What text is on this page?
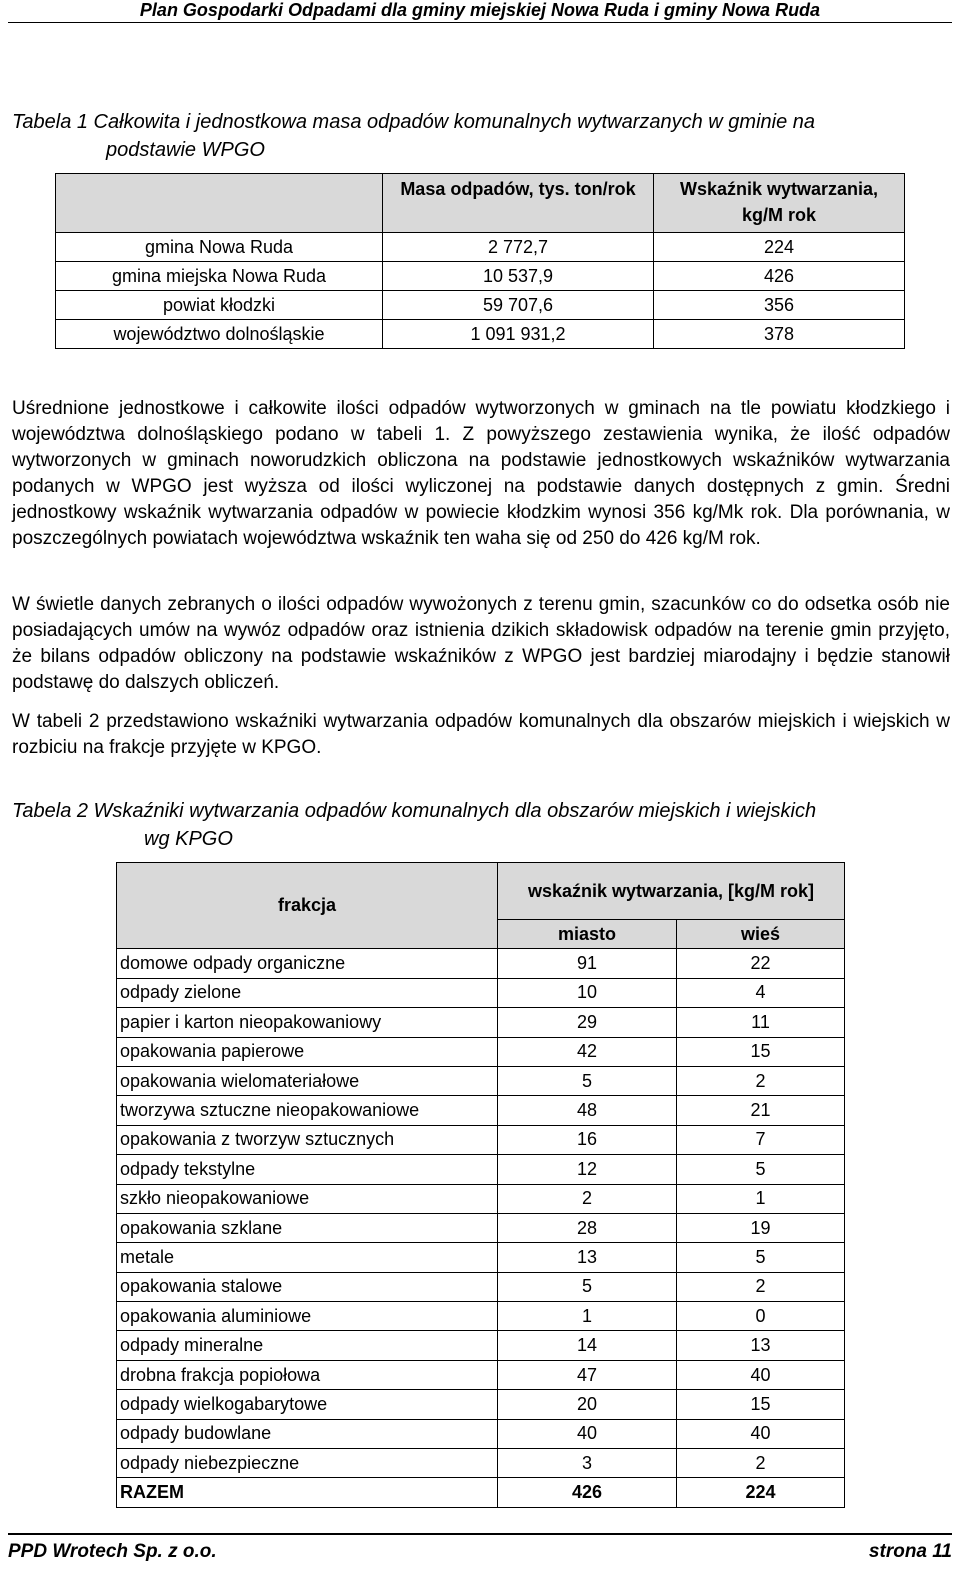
Plan Gospodarki Odpadami dla gminy miejskiej Nowa Ruda i gminy Nowa Ruda
Tabela 1 Całkowita i jednostkowa masa odpadów komunalnych wytwarzanych w gminie na
podstawie WPGO
	Masa odpadów, tys. ton/rok	Wskaźnik wytwarzania, kg/M rok
gmina Nowa Ruda	2 772,7	224
gmina miejska Nowa Ruda	10 537,9	426
powiat kłodzki	59 707,6	356
województwo dolnośląskie	1 091 931,2	378
Uśrednione jednostkowe i całkowite ilości odpadów wytworzonych w gminach na tle powiatu kłodzkiego i województwa dolnośląskiego podano w tabeli 1. Z powyższego zestawienia wynika, że ilość odpadów wytworzonych w gminach noworudzkich obliczona na podstawie jednostkowych wskaźników wytwarzania podanych w WPGO jest wyższa od ilości wyliczonej na podstawie danych dostępnych z gmin. Średni jednostkowy wskaźnik wytwarzania odpadów w powiecie kłodzkim wynosi 356 kg/Mk rok. Dla porównania, w poszczególnych powiatach województwa wskaźnik ten waha się od 250 do 426 kg/M rok.
W świetle danych zebranych o ilości odpadów wywożonych z terenu gmin, szacunków co do odsetka osób nie posiadających umów na wywóz odpadów oraz istnienia dzikich składowisk odpadów na terenie gmin przyjęto, że bilans odpadów obliczony na podstawie wskaźników z WPGO jest bardziej miarodajny i będzie stanowił podstawę do dalszych obliczeń.
W tabeli 2 przedstawiono wskaźniki wytwarzania odpadów komunalnych dla obszarów miejskich i wiejskich w rozbiciu na frakcje przyjęte w KPGO.
Tabela 2 Wskaźniki wytwarzania odpadów komunalnych dla obszarów miejskich i wiejskich
wg KPGO
frakcja	wskaźnik wytwarzania, [kg/M rok]	
	miasto	wieś
domowe odpady organiczne	91	22
odpady zielone	10	4
papier i karton nieopakowaniowy	29	11
opakowania papierowe	42	15
opakowania wielomateriałowe	5	2
tworzywa sztuczne nieopakowaniowe	48	21
opakowania z tworzyw sztucznych	16	7
odpady tekstylne	12	5
szkło nieopakowaniowe	2	1
opakowania szklane	28	19
metale	13	5
opakowania stalowe	5	2
opakowania aluminiowe	1	0
odpady mineralne	14	13
drobna frakcja popiołowa	47	40
odpady wielkogabarytowe	20	15
odpady budowlane	40	40
odpady niebezpieczne	3	2
RAZEM	426	224
PPD Wrotech Sp. z o.o.	strona 11
